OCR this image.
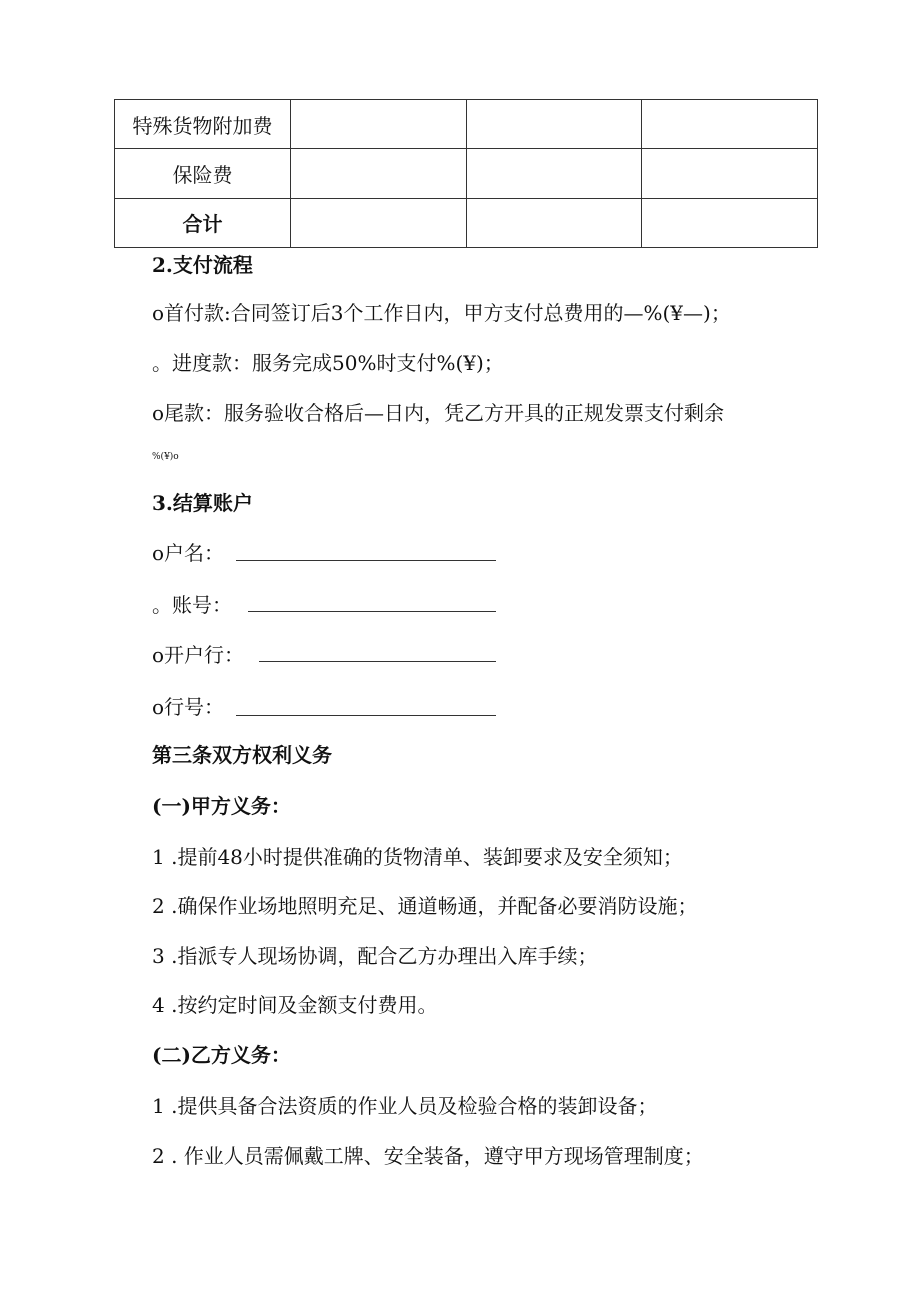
特殊货物附加费			
保险费			
合计			
2.支付流程
o首付款:合同签订后3个工作日内，甲方支付总费用的—%(¥—)；
。进度款：服务完成50%时支付%(¥)；
o尾款：服务验收合格后—日内，凭乙方开具的正规发票支付剩余
%(¥)o
3.结算账户
o户名：
。账号：
o开户行：
o行号：
第三条双方权利义务
(一)甲方义务：
1 .提前48小时提供准确的货物清单、装卸要求及安全须知；
2 .确保作业场地照明充足、通道畅通，并配备必要消防设施；
3 .指派专人现场协调，配合乙方办理出入库手续；
4 .按约定时间及金额支付费用。
(二)乙方义务：
1 .提供具备合法资质的作业人员及检验合格的装卸设备；
2 . 作业人员需佩戴工牌、安全装备，遵守甲方现场管理制度；
